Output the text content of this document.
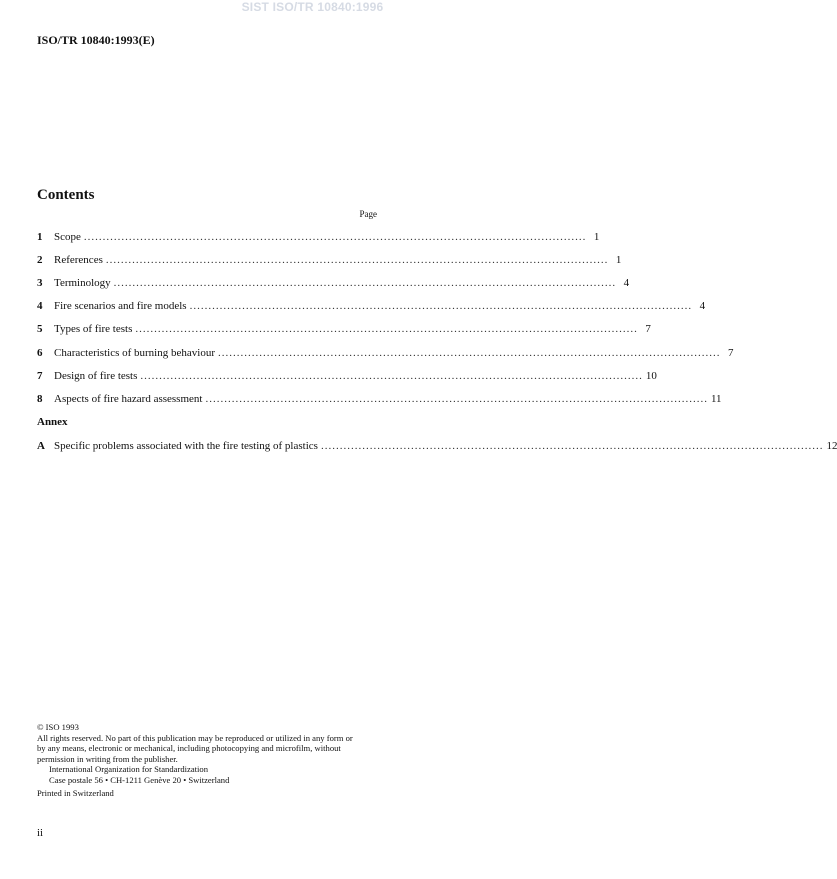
SIST ISO/TR 10840:1996
ISO/TR 10840:1993(E)
Contents
Page
1	Scope ...................................................................................................................................... 1
2	References ...................................................................................................................................... 1
3	Terminology ...................................................................................................................................... 4
4	Fire scenarios and fire models ...................................................................................................................................... 4
5	Types of fire tests ...................................................................................................................................... 7
6	Characteristics of burning behaviour ...................................................................................................................................... 7
7	Design of fire tests ...................................................................................................................................... 10
8	Aspects of fire hazard assessment ...................................................................................................................................... 11
A Specific problems associated with the fire testing of plastics ...................................................................................................................................... 12
Annex
© ISO 1993
All rights reserved. No part of this publication may be reproduced or utilized in any form or
by any means, electronic or mechanical, including photocopying and microfilm, without
permission in writing from the publisher.
International Organization for Standardization
Case postale 56 • CH-1211 Genève 20 • Switzerland
Printed in Switzerland
ii
